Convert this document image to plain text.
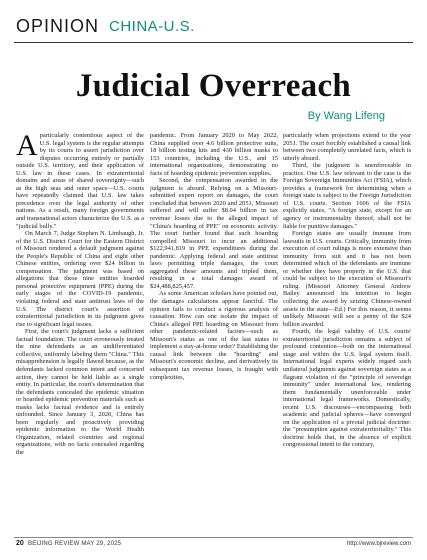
OPINION CHINA-U.S.
Judicial Overreach
By Wang Lifeng

Aparticularly contentious aspect of the U.S. legal system is the regular attempts by its courts to assert jurisdiction over disputes occurring entirely or partially outside U.S. territory, and their application of U.S. law in these cases. In extraterritorial domains and areas of shared sovereignty—such as the high seas and outer space—U.S. courts have repeatedly claimed that U.S. law takes precedence over the legal authority of other nations. As a result, many foreign governments and transnational actors characterize the U.S. as a "judicial bully."

On March 7, Judge Stephen N. Limbaugh, Jr. of the U.S. District Court for the Eastern District of Missouri rendered a default judgment against the People's Republic of China and eight other Chinese entities, ordering over $24 billion in compensation. The judgment was based on allegations that these nine entities hoarded personal protective equipment (PPE) during the early stages of the COVID-19 pandemic, violating federal and state antitrust laws of the U.S. The district court's assertion of extraterritorial jurisdiction in its judgment gives rise to significant legal issues.

First, the court's judgment lacks a sufficient factual foundation. The court erroneously treated the nine defendants as an undifferentiated collective, uniformly labeling them "China." This misapprehension is legally flawed because, as the defendants lacked common intent and concerted action, they cannot be held liable as a single entity. In particular, the court's determination that the defendants concealed the epidemic situation or hoarded epidemic prevention materials such as masks lacks factual evidence and is entirely unfounded. Since January 3, 2020, China has been regularly and proactively providing epidemic information to the World Health Organization, related countries and regional organizations, with no facts concealed regarding the

pandemic. From January 2020 to May 2022, China supplied over 4.6 billion protective suits, 18 billion testing kits and 430 billion masks to 153 countries, including the U.S., and 15 international organizations, demonstrating no facts of hoarding epidemic prevention supplies.

Second, the compensation awarded in the judgment is absurd. Relying on a Missouri-submitted expert report on damages, the court concluded that between 2020 and 2051, Missouri suffered and will suffer $8.04 billion in tax revenue losses due to the alleged impact of "China's hoarding of PPE" on economic activity. The court further found that such hoarding compelled Missouri to incur an additional $122,941,819 in PPE expenditures during the pandemic. Applying federal and state antitrust laws permitting triple damages, the court aggregated these amounts and tripled them, resulting in a total damages award of $24,488,825,457.

As some American scholars have pointed out, the damages calculations appear fanciful. The opinion fails to conduct a rigorous analysis of causation. How can one isolate the impact of China's alleged PPE hoarding on Missouri from other pandemic-related factors—such as Missouri's status as one of the last states to implement a stay-at-home order? Establishing the causal link between the "hoarding" and Missouri's economic decline, and derivatively its subsequent tax revenue losses, is fraught with complexities,

particularly when projections extend to the year 2051. The court forcibly established a causal link between two completely unrelated facts, which is utterly absurd.

Third, the judgment is unenforceable in practice. One U.S. law relevant to the case is the Foreign Sovereign Immunities Act (FSIA), which provides a framework for determining when a foreign state is subject to the Foreign Jurisdiction of U.S. courts. Section 1606 of the FSIA explicitly states, "A foreign state, except for an agency or instrumentality thereof, shall not be liable for punitive damages."

Foreign states are usually immune from lawsuits in U.S. courts. Critically, immunity from execution of court rulings is more extensive than immunity from suit and it has not been determined which of the defendants are immune or whether they have property in the U.S. that could be subject to the execution of Missouri's ruling. (Missouri Attorney General Andrew Bailey announced his intention to begin collecting the award by seizing Chinese-owned assets in the state—Ed.) For this reason, it seems unlikely Missouri will see a penny of the $24 billion awarded.

Fourth, the legal validity of U.S. courts' extraterritorial jurisdiction remains a subject of profound contention—both on the international stage and within the U.S. legal system itself. International legal experts widely regard such unilateral judgments against sovereign states as a flagrant violation of the "principle of sovereign immunity" under international law, rendering them fundamentally unenforceable under international legal frameworks. Domestically, recent U.S. discourses—encompassing both academic and judicial spheres—have converged on the application of a pivotal judicial doctrine: the "presumption against extraterritoriality." This doctrine holds that, in the absence of explicit congressional intent to the contrary,

20 BEIJING REVIEW MAY 29, 2025	http://www.bjreview.com
